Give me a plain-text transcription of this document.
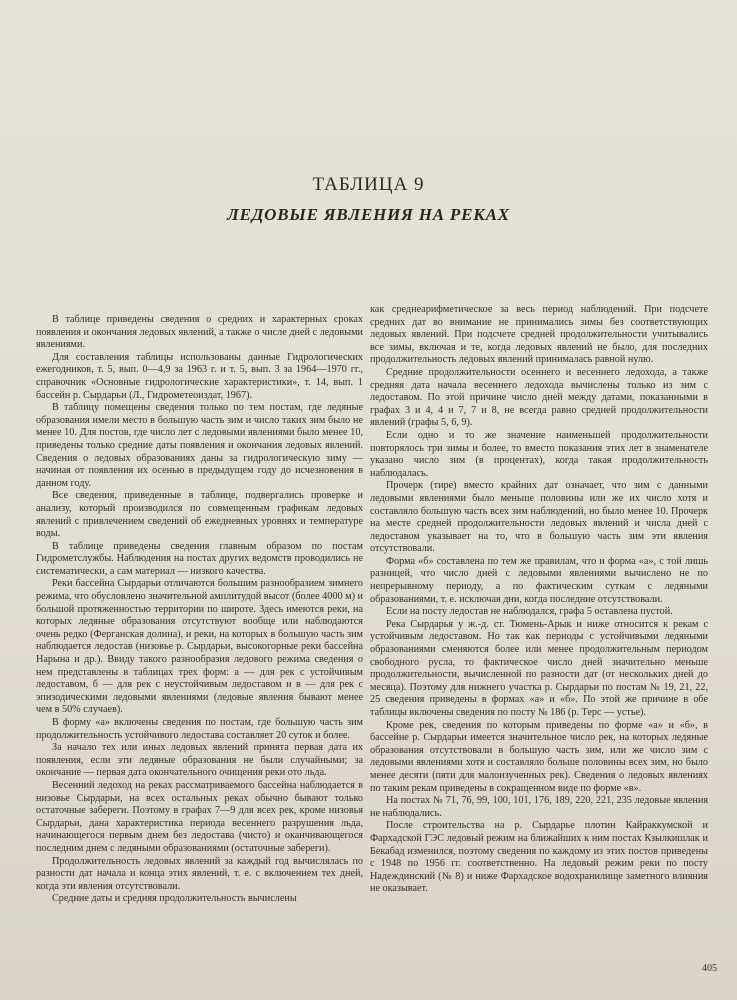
ТАБЛИЦА 9
ЛЕДОВЫЕ ЯВЛЕНИЯ НА РЕКАХ

В таблице приведены сведения о средних и характерных сроках появления и окончания ледовых явлений, а также о числе дней с ледовыми явлениями.

Для составления таблицы использованы данные Гидрологических ежегодников, т. 5, вып. 0—4,9 за 1963 г. и т. 5, вып. 3 за 1964—1970 гг., справочник «Основные гидрологические характеристики», т. 14, вып. 1 бассейн р. Сырдарьи (Л., Гидрометеоиздат, 1967).

В таблицу помещены сведения только по тем постам, где ледяные образования имели место в большую часть зим и число таких зим было не менее 10. Для постов, где число лет с ледовыми явлениями было менее 10, приведены только средние даты появления и окончания ледовых явлений. Сведения о ледовых образованиях даны за гидрологическую зиму — начиная от появления их осенью в предыдущем году до исчезновения в данном году.

Все сведения, приведенные в таблице, подвергались проверке и анализу, который производился по совмещенным графикам ледовых явлений с привлечением сведений об ежедневных уровнях и температуре воды.

В таблице приведены сведения главным образом по постам Гидрометслужбы. Наблюдения на постах других ведомств проводились не систематически, а сам материал — низкого качества.

Реки бассейна Сырдарьи отличаются большим разнообразием зимнего режима, что обусловлено значительной амплитудой высот (более 4000 м) и большой протяженностью территории по широте. Здесь имеются реки, на которых ледяные образования отсутствуют вообще или наблюдаются очень редко (Ферганская долина), и реки, на которых в большую часть зим наблюдается ледостав (низовье р. Сырдарьи, высокогорные реки бассейна Нарына и др.). Ввиду такого разнообразия ледового режима сведения о нем представлены в таблицах трех форм: а — для рек с устойчивым ледоставом, б — для рек с неустойчивым ледоставом и в — для рек с эпизодическими ледовыми явлениями (ледовые явления бывают менее чем в 50% случаев).

В форму «а» включены сведения по постам, где большую часть зим продолжительность устойчивого ледостава составляет 20 суток и более.

За начало тех или иных ледовых явлений принята первая дата их появления, если эти ледяные образования не были случайными; за окончание — первая дата окончательного очищения реки ото льда.

Весенний ледоход на реках рассматриваемого бассейна наблюдается в низовье Сырдарьи, на всех остальных реках обычно бывают только остаточные забереги. Поэтому в графах 7—9 для всех рек, кроме низовья Сырдарьи, дана характеристика периода весеннего разрушения льда, начинающегося первым днем без ледостава (чисто) и оканчивающегося последним днем с ледяными образованиями (остаточные забереги).

Продолжительность ледовых явлений за каждый год вычислялась по разности дат начала и конца этих явлений, т. е. с включением тех дней, когда эти явления отсутствовали.

Средние даты и средняя продолжительность вычислены

как среднеарифметическое за весь период наблюдений. При подсчете средних дат во внимание не принимались зимы без соответствующих ледовых явлений. При подсчете средней продолжительности учитывались все зимы, включая и те, когда ледовых явлений не было, для последних продолжительность ледовых явлений принималась равной нулю.

Средние продолжительности осеннего и весеннего ледохода, а также средняя дата начала весеннего ледохода вычислены только из зим с ледоставом. По этой причине число дней между датами, показанными в графах 3 и 4, 4 и 7, 7 и 8, не всегда равно средней продолжительности явлений (графы 5, 6, 9).

Если одно и то же значение наименьшей продолжительности повторялось три зимы и более, то вместо показания этих лет в знаменателе указано число зим (в процентах), когда такая продолжительность наблюдалась.

Прочерк (тире) вместо крайних дат означает, что зим с данными ледовыми явлениями было меньше половины или же их число хотя и составляло большую часть всех зим наблюдений, но было менее 10. Прочерк на месте средней продолжительности ледовых явлений и числа дней с ледоставом указывает на то, что в большую часть зим эти явления отсутствовали.

Форма «б» составлена по тем же правилам, что и форма «а», с той лишь разницей, что число дней с ледовыми явлениями вычислено не по непрерывному периоду, а по фактическим суткам с ледяными образованиями, т. е. исключая дни, когда последние отсутствовали.

Если на посту ледостав не наблюдался, графа 5 оставлена пустой.

Река Сырдарья у ж.-д. ст. Тюмень-Арык и ниже относится к рекам с устойчивым ледоставом. Но так как периоды с устойчивыми ледяными образованиями сменяются более или менее продолжительным периодом свободного русла, то фактическое число дней значительно меньше продолжительности, вычисленной по разности дат (от нескольких дней до месяца). Поэтому для нижнего участка р. Сырдарьи по постам № 19, 21, 22, 25 сведения приведены в формах «а» и «б». По этой же причине в обе таблицы включены сведения по посту № 186 (р. Терс — устье).

Кроме рек, сведения по которым приведены по форме «а» и «б», в бассейне р. Сырдарьи имеется значительное число рек, на которых ледяные образования отсутствовали в большую часть зим, или же число зим с ледовыми явлениями хотя и составляло больше половины всех зим, но было менее десяти (пяти для малоизученных рек). Сведения о ледовых явлениях по таким рекам приведены в сокращенном виде по форме «в».

На постах № 71, 76, 99, 100, 101, 176, 189, 220, 221, 235 ледовые явления не наблюдались.

После строительства на р. Сырдарье плотин Кайраккумской и Фархадской ГЭС ледовый режим на ближайших к ним постах Кзылкишлак и Бекабад изменился, поэтому сведения по каждому из этих постов приведены с 1948 по 1956 гг. соответственно. На ледовый режим реки по посту Надеждинский (№ 8) и ниже Фархадское водохранилище заметного влияния не оказывает.

405
